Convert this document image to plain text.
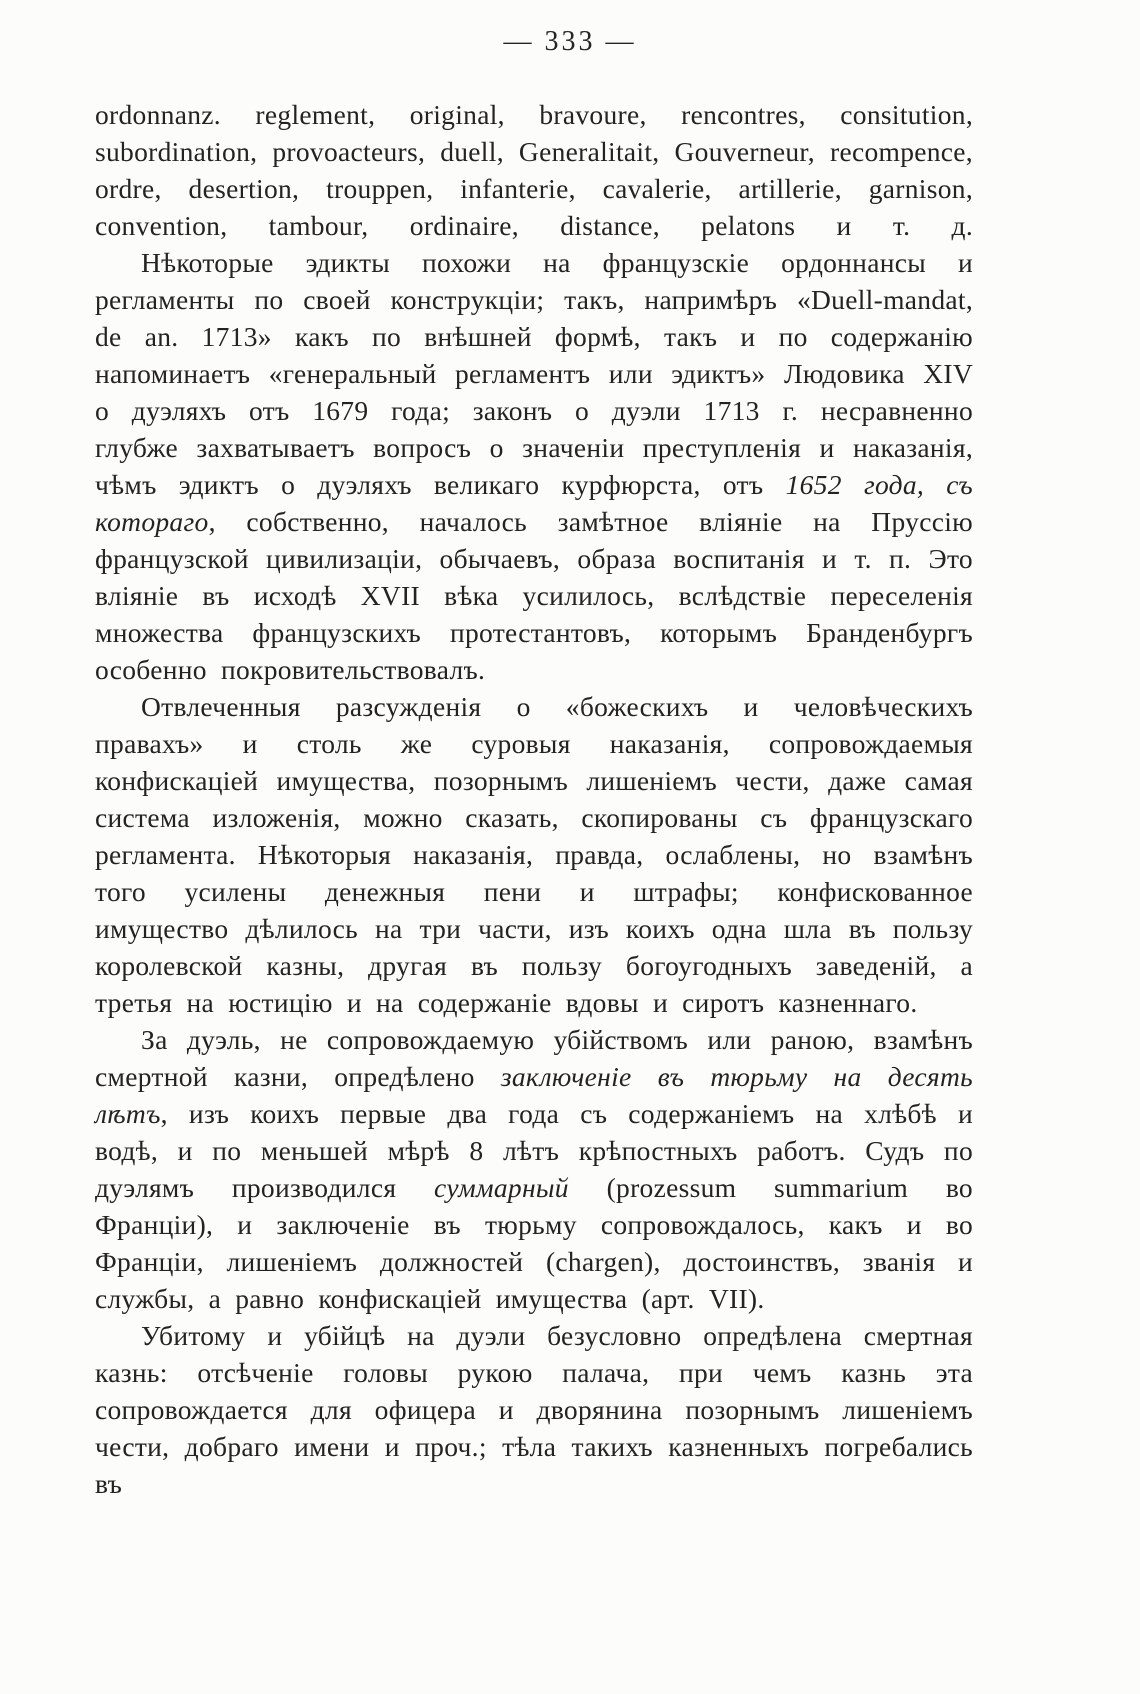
— 333 —

ordonnanz. reglement, original, bravoure, rencontres, consitution, subordination, provoacteurs, duell, Generalitait, Gouverneur, recompence, ordre, desertion, trouppen, infanterie, cavalerie, artillerie, garnison, convention, tambour, ordinaire, distance, pelatons и т. д.

Нѣкоторые эдикты похожи на французскіе ордоннансы и регламенты по своей конструкціи; такъ, напримѣръ «Duell-mandat, de an. 1713» какъ по внѣшней формѣ, такъ и по содержанію напоминаетъ «генеральный регламентъ или эдиктъ» Людовика XIV о дуэляхъ отъ 1679 года; законъ о дуэли 1713 г. несравненно глубже захватываетъ вопросъ о значеніи преступленія и наказанія, чѣмъ эдиктъ о дуэляхъ великаго курфюрста, отъ 1652 года, съ котораго, собственно, началось замѣтное вліяніе на Пруссію французской цивилизаціи, обычаевъ, образа воспитанія и т. п. Это вліяніе въ исходѣ XVII вѣка усилилось, вслѣдствіе переселенія множества французскихъ протестантовъ, которымъ Бранденбургъ особенно покровительствовалъ.

Отвлеченныя разсужденія о «божескихъ и человѣческихъ правахъ» и столь же суровыя наказанія, сопровождаемыя конфискаціей имущества, позорнымъ лишеніемъ чести, даже самая система изложенія, можно сказать, скопированы съ французскаго регламента. Нѣкоторыя наказанія, правда, ослаблены, но взамѣнъ того усилены денежныя пени и штрафы; конфискованное имущество дѣлилось на три части, изъ коихъ одна шла въ пользу королевской казны, другая въ пользу богоугодныхъ заведеній, а третья на юстицію и на содержаніе вдовы и сиротъ казненнаго.

За дуэль, не сопровождаемую убійствомъ или раною, взамѣнъ смертной казни, опредѣлено заключеніе въ тюрьму на десять лѣтъ, изъ коихъ первые два года съ содержаніемъ на хлѣбѣ и водѣ, и по меньшей мѣрѣ 8 лѣтъ крѣпостныхъ работъ. Судъ по дуэлямъ производился суммарный (prozessum summarium во Франціи), и заключеніе въ тюрьму сопровождалось, какъ и во Франціи, лишеніемъ должностей (chargen), достоинствъ, званія и службы, а равно конфискаціей имущества (арт. VII).

Убитому и убійцѣ на дуэли безусловно опредѣлена смертная казнь: отсѣченіе головы рукою палача, при чемъ казнь эта сопровождается для офицера и дворянина позорнымъ лишеніемъ чести, добраго имени и проч.; тѣла такихъ казненныхъ погребались въ
